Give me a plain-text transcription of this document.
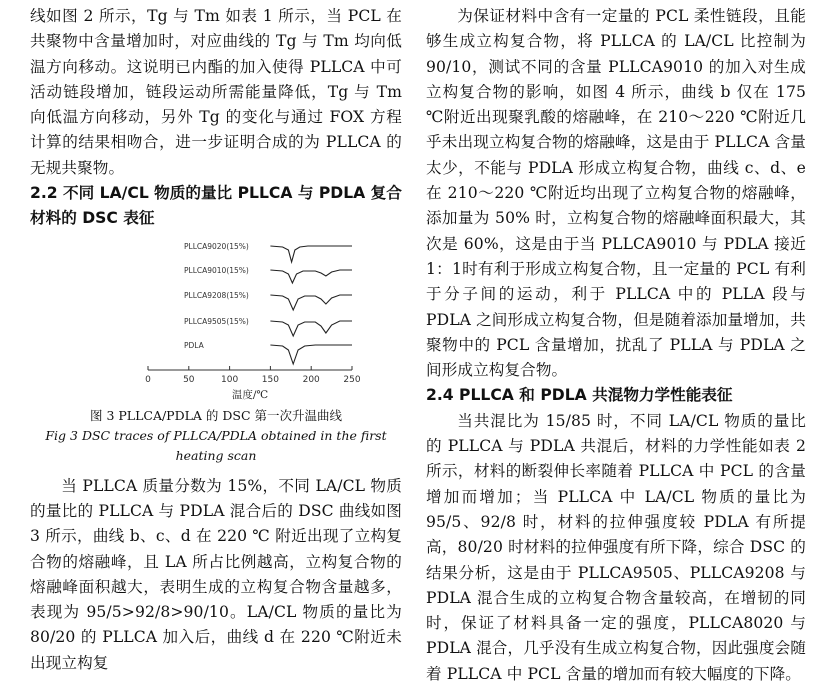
线如图 2 所示，Tg 与 Tm 如表 1 所示，当 PCL 在共聚物中含量增加时，对应曲线的 Tg 与 Tm 均向低温方向移动。这说明已内酯的加入使得 PLLCA 中可活动链段增加，链段运动所需能量降低，Tg 与 Tm 向低温方向移动，另外 Tg 的变化与通过 FOX 方程计算的结果相吻合，进一步证明合成的为 PLLCA 的无规共聚物。

2.2 不同 LA/CL 物质的量比 PLLCA 与 PDLA 复合材料的 DSC 表征

0	50	100	150	200	250
温度/℃
PLLCA9020(15%)
PLLCA9010(15%)
PLLCA9208(15%)
PLLCA9505(15%)
PDLA

图 3 PLLCA/PDLA 的 DSC 第一次升温曲线

Fig 3 DSC traces of PLLCA/PDLA obtained in the first

heating scan

当 PLLCA 质量分数为 15%，不同 LA/CL 物质的量比的 PLLCA 与 PDLA 混合后的 DSC 曲线如图 3 所示，曲线 b、c、d 在 220 ℃ 附近出现了立构复合物的熔融峰，且 LA 所占比例越高，立构复合物的熔融峰面积越大，表明生成的立构复合物含量越多，表现为 95/5>92/8>90/10。LA/CL 物质的量比为 80/20 的 PLLCA 加入后，曲线 d 在 220 ℃附近未出现立构复

为保证材料中含有一定量的 PCL 柔性链段，且能够生成立构复合物，将 PLLCA 的 LA/CL 比控制为 90/10，测试不同的含量 PLLCA9010 的加入对生成立构复合物的影响，如图 4 所示，曲线 b 仅在 175 ℃附近出现聚乳酸的熔融峰，在 210～220 ℃附近几乎未出现立构复合物的熔融峰，这是由于 PLLCA 含量太少，不能与 PDLA 形成立构复合物，曲线 c、d、e 在 210～220 ℃附近均出现了立构复合物的熔融峰，添加量为 50% 时，立构复合物的熔融峰面积最大，其次是 60%，这是由于当 PLLCA9010 与 PDLA 接近 1：1时有利于形成立构复合物，且一定量的 PCL 有利于分子间的运动，利于 PLLCA 中的 PLLA 段与 PDLA 之间形成立构复合物，但是随着添加量增加，共聚物中的 PCL 含量增加，扰乱了 PLLA 与 PDLA 之间形成立构复合物。

2.4 PLLCA 和 PDLA 共混物力学性能表征

当共混比为 15/85 时，不同 LA/CL 物质的量比的 PLLCA 与 PDLA 共混后，材料的力学性能如表 2 所示，材料的断裂伸长率随着 PLLCA 中 PCL 的含量增加而增加；当 PLLCA 中 LA/CL 物质的量比为 95/5、92/8 时，材料的拉伸强度较 PDLA 有所提高，80/20 时材料的拉伸强度有所下降，综合 DSC 的结果分析，这是由于 PLLCA9505、PLLCA9208 与 PDLA 混合生成的立构复合物含量较高，在增韧的同时，保证了材料具备一定的强度，PLLCA8020 与 PDLA 混合，几乎没有生成立构复合物，因此强度会随着 PLLCA 中 PCL 含量的增加而有较大幅度的下降。
